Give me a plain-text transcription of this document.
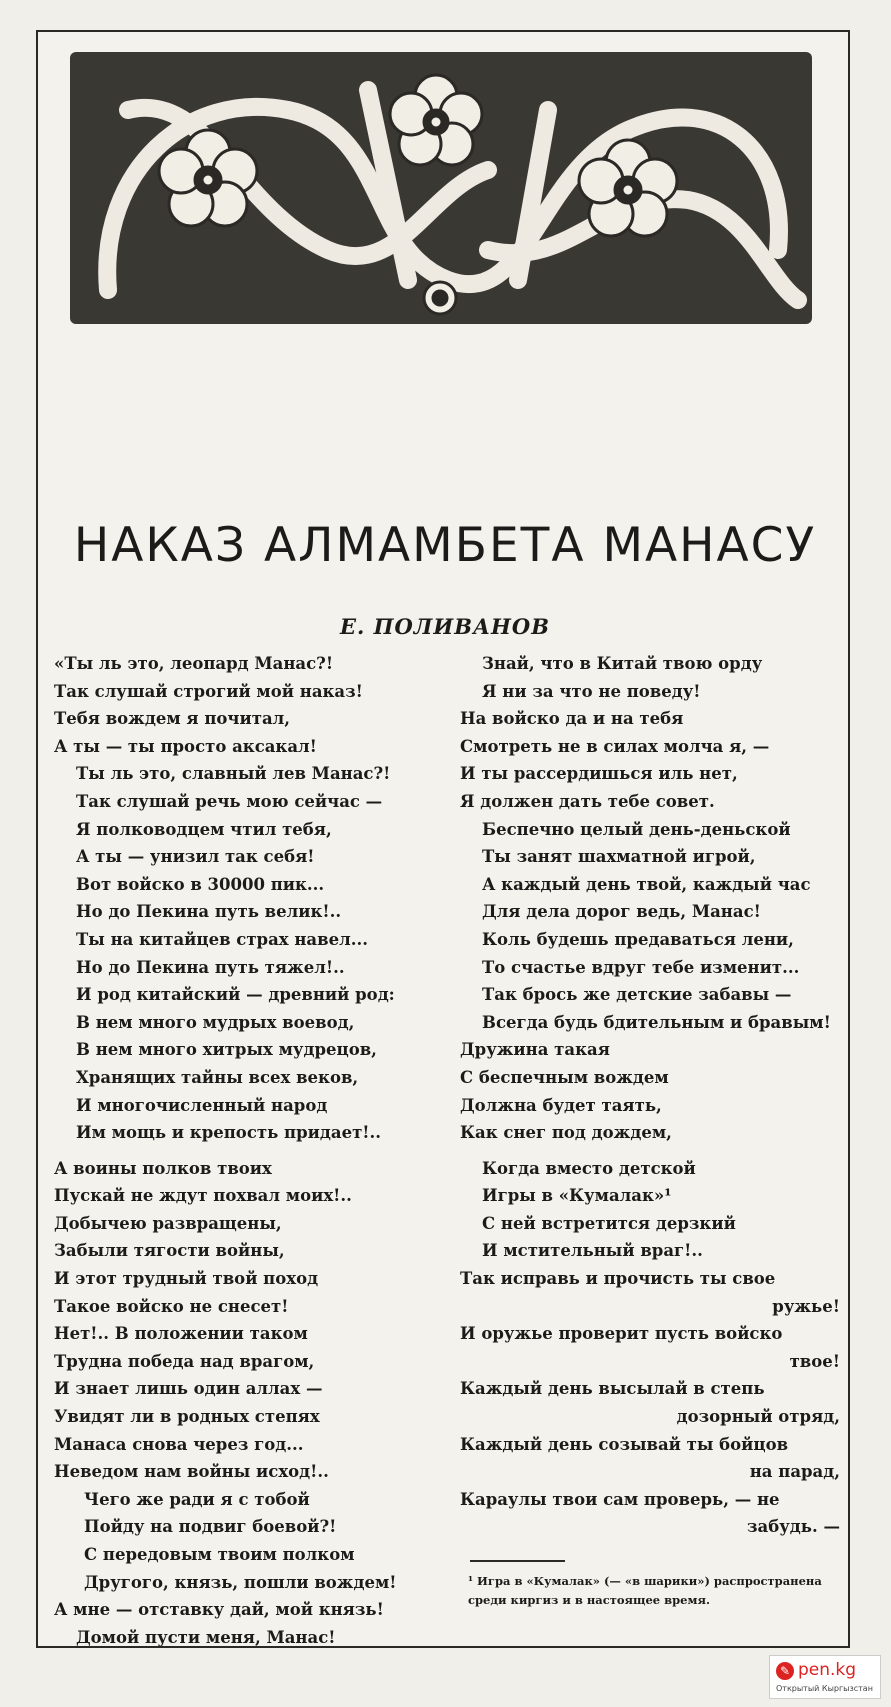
НАКАЗ АЛМАМБЕТА МАНАСУ
Е. ПОЛИВАНОВ
«Ты ль это, леопард Манас?!
Так слушай строгий мой наказ!
Тебя вождем я почитал,
А ты — ты просто аксакал!
Ты ль это, славный лев Манас?!
Так слушай речь мою сейчас —
Я полководцем чтил тебя,
А ты — унизил так себя!
Вот войско в 30000 пик...
Но до Пекина путь велик!..
Ты на китайцев страх навел...
Но до Пекина путь тяжел!..
И род китайский — древний род:
В нем много мудрых воевод,
В нем много хитрых мудрецов,
Хранящих тайны всех веков,
И многочисленный народ
Им мощь и крепость придает!..
А воины полков твоих
Пускай не ждут похвал моих!..
Добычею развращены,
Забыли тягости войны,
И этот трудный твой поход
Такое войско не снесет!
Нет!.. В положении таком
Трудна победа над врагом,
И знает лишь один аллах —
Увидят ли в родных степях
Манаса снова через год...
Неведом нам войны исход!..
Чего же ради я с тобой
Пойду на подвиг боевой?!
С передовым твоим полком
Другого, князь, пошли вождем!
А мне — отставку дай, мой князь!
Домой пусти меня, Манас!
Знай, что в Китай твою орду
Я ни за что не поведу!
На войско да и на тебя
Смотреть не в силах молча я, —
И ты рассердишься иль нет,
Я должен дать тебе совет.
Беспечно целый день-деньской
Ты занят шахматной игрой,
А каждый день твой, каждый час
Для дела дорог ведь, Манас!
Коль будешь предаваться лени,
То счастье вдруг тебе изменит...
Так брось же детские забавы —
Всегда будь бдительным и бравым!
Дружина такая
С беспечным вождем
Должна будет таять,
Как снег под дождем,
Когда вместо детской
Игры в «Кумалак»¹
С ней встретится дерзкий
И мстительный враг!..
Так исправь и прочисть ты свое
ружье!
И оружье проверит пусть войско
твое!
Каждый день высылай в степь
дозорный отряд,
Каждый день созывай ты бойцов
на парад,
Караулы твои сам проверь, — не
забудь. —
¹ Игра в «Кумалак» (— «в шарики») распространена среди киргиз и в настоящее время.
✎ pen.kg
Открытый Кыргызстан
